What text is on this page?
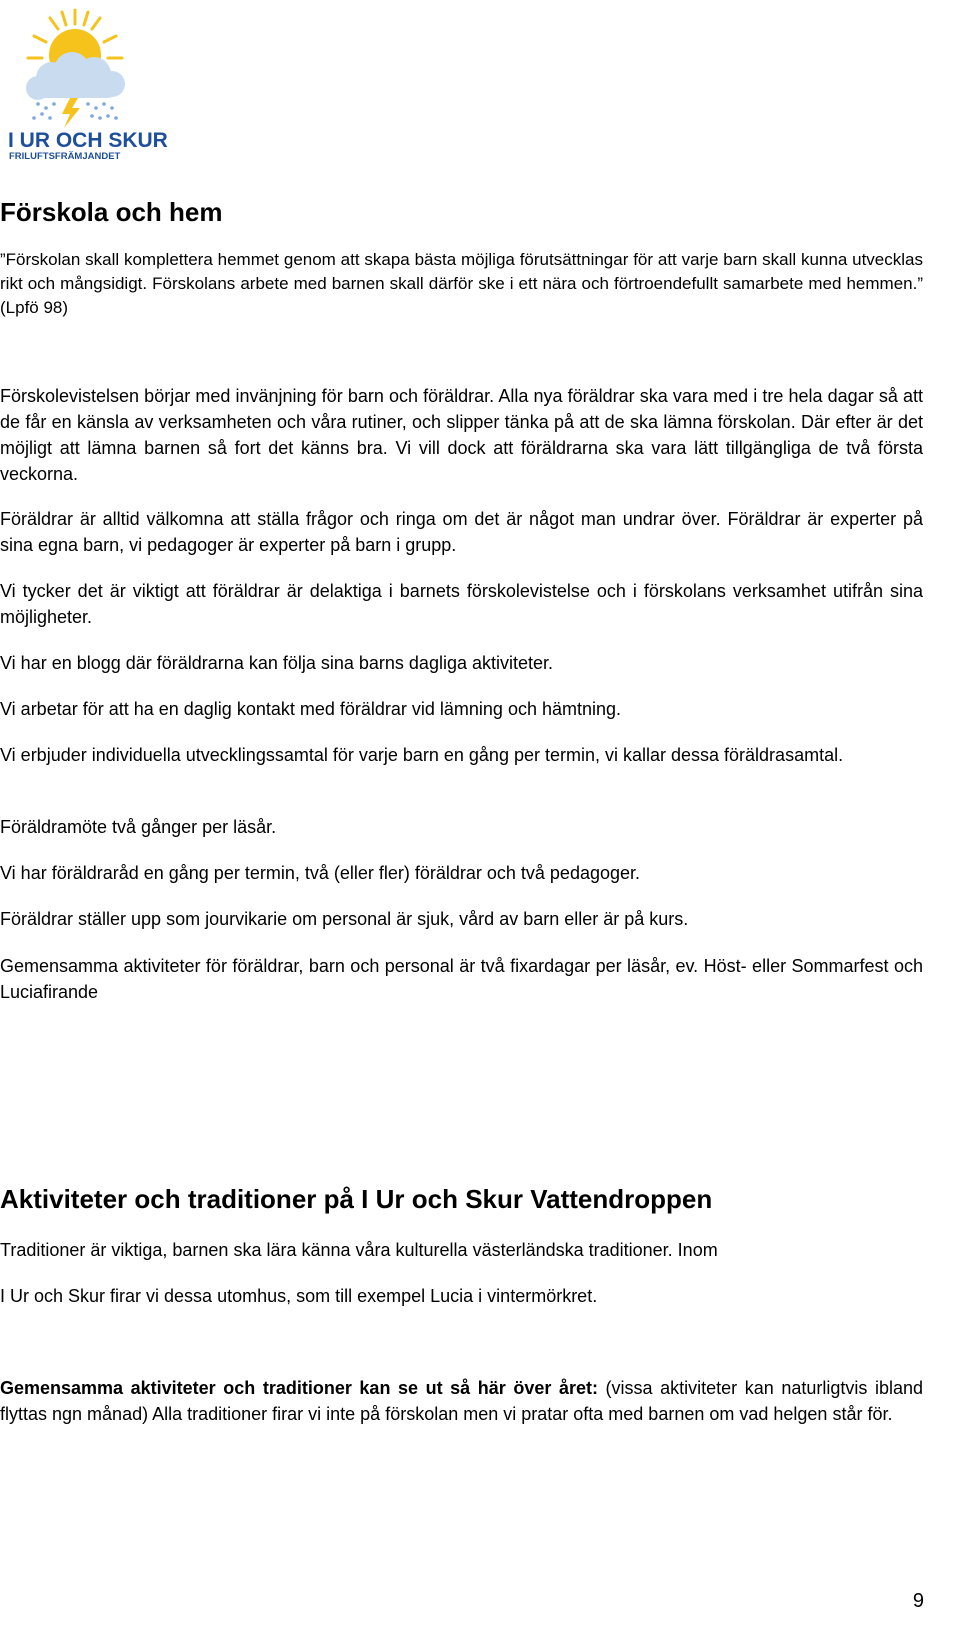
I UR OCH SKUR
FRILUFTSFRÄMJANDET
Förskola och hem

”Förskolan skall komplettera hemmet genom att skapa bästa möjliga förutsättningar för att varje barn skall kunna utvecklas rikt och mångsidigt. Förskolans arbete med barnen skall därför ske i ett nära och förtroendefullt samarbete med hemmen.” (Lpfö 98)

Förskolevistelsen börjar med invänjning för barn och föräldrar. Alla nya föräldrar ska vara med i tre hela dagar så att de får en känsla av verksamheten och våra rutiner, och slipper tänka på att de ska lämna förskolan. Där efter är det möjligt att lämna barnen så fort det känns bra. Vi vill dock att föräldrarna ska vara lätt tillgängliga de två första veckorna.

Föräldrar är alltid välkomna att ställa frågor och ringa om det är något man undrar över. Föräldrar är experter på sina egna barn, vi pedagoger är experter på barn i grupp.

Vi tycker det är viktigt att föräldrar är delaktiga i barnets förskolevistelse och i förskolans verksamhet utifrån sina möjligheter.

Vi har en blogg där föräldrarna kan följa sina barns dagliga aktiviteter.

Vi arbetar för att ha en daglig kontakt med föräldrar vid lämning och hämtning.

Vi erbjuder individuella utvecklingssamtal för varje barn en gång per termin, vi kallar dessa föräldrasamtal.

Föräldramöte två gånger per läsår.

Vi har föräldraråd en gång per termin, två (eller fler) föräldrar och två pedagoger.

Föräldrar ställer upp som jourvikarie om personal är sjuk, vård av barn eller är på kurs.

Gemensamma aktiviteter för föräldrar, barn och personal är två fixardagar per läsår, ev. Höst- eller Sommarfest och Luciafirande

Aktiviteter och traditioner på I Ur och Skur Vattendroppen

Traditioner är viktiga, barnen ska lära känna våra kulturella västerländska traditioner. Inom

I Ur och Skur firar vi dessa utomhus, som till exempel Lucia i vintermörkret.

Gemensamma aktiviteter och traditioner kan se ut så här över året: (vissa aktiviteter kan naturligtvis ibland flyttas ngn månad) Alla traditioner firar vi inte på förskolan men vi pratar ofta med barnen om vad helgen står för.

9
